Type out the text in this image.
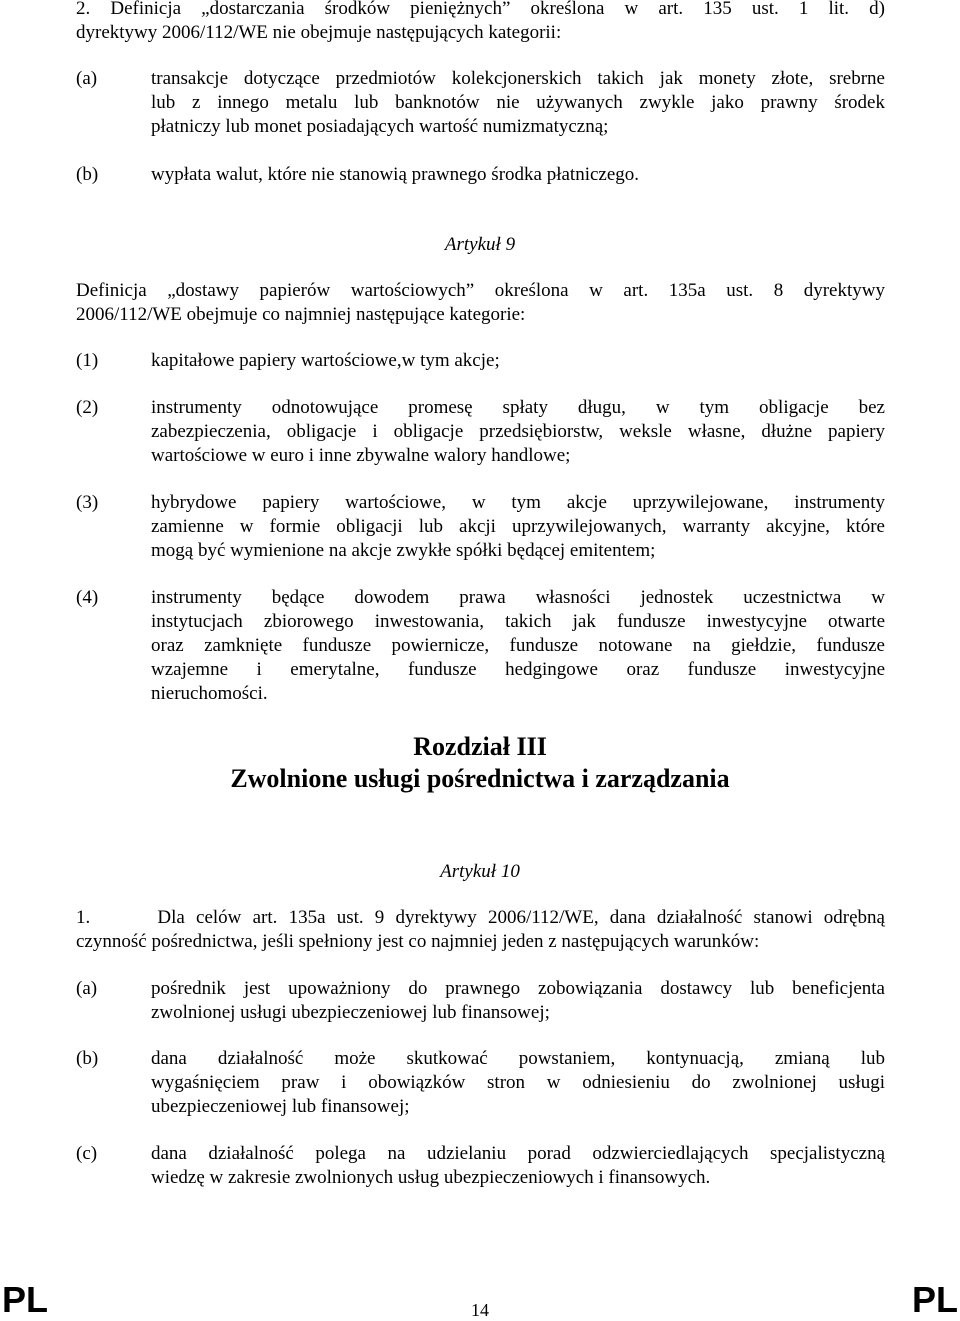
2. Definicja „dostarczania środków pieniężnych” określona w art. 135 ust. 1 lit. d)
dyrektywy 2006/112/WE nie obejmuje następujących kategorii:
(a)	transakcje dotyczące przedmiotów kolekcjonerskich takich jak monety złote, srebrne
lub z innego metalu lub banknotów nie używanych zwykle jako prawny środek
płatniczy lub monet posiadających wartość numizmatyczną;
(b)	wypłata walut, które nie stanowią prawnego środka płatniczego.
Artykuł 9
Definicja „dostawy papierów wartościowych” określona w art. 135a ust. 8 dyrektywy
2006/112/WE obejmuje co najmniej następujące kategorie:
(1)	kapitałowe papiery wartościowe,w tym akcje;
(2)	instrumenty odnotowujące promesę spłaty długu, w tym obligacje bez
zabezpieczenia, obligacje i obligacje przedsiębiorstw, weksle własne, dłużne papiery
wartościowe w euro i inne zbywalne walory handlowe;
(3)	hybrydowe papiery wartościowe, w tym akcje uprzywilejowane, instrumenty
zamienne w formie obligacji lub akcji uprzywilejowanych, warranty akcyjne, które
mogą być wymienione na akcje zwykłe spółki będącej emitentem;
(4)	instrumenty będące dowodem prawa własności jednostek uczestnictwa w
instytucjach zbiorowego inwestowania, takich jak fundusze inwestycyjne otwarte
oraz zamknięte fundusze powiernicze, fundusze notowane na giełdzie, fundusze
wzajemne i emerytalne, fundusze hedgingowe oraz fundusze inwestycyjne
nieruchomości.
Rozdział III
Zwolnione usługi pośrednictwa i zarządzania
Artykuł 10
1.      Dla celów art. 135a ust. 9 dyrektywy 2006/112/WE, dana działalność stanowi odrębną
czynność pośrednictwa, jeśli spełniony jest co najmniej jeden z następujących warunków:
(a)	pośrednik jest upoważniony do prawnego zobowiązania dostawcy lub beneficjenta
zwolnionej usługi ubezpieczeniowej lub finansowej;
(b)	dana działalność może skutkować powstaniem, kontynuacją, zmianą lub
wygaśnięciem praw i obowiązków stron w odniesieniu do zwolnionej usługi
ubezpieczeniowej lub finansowej;
(c)	dana działalność polega na udzielaniu porad odzwierciedlających specjalistyczną
wiedzę w zakresie zwolnionych usług ubezpieczeniowych i finansowych.
PL	14	PL
